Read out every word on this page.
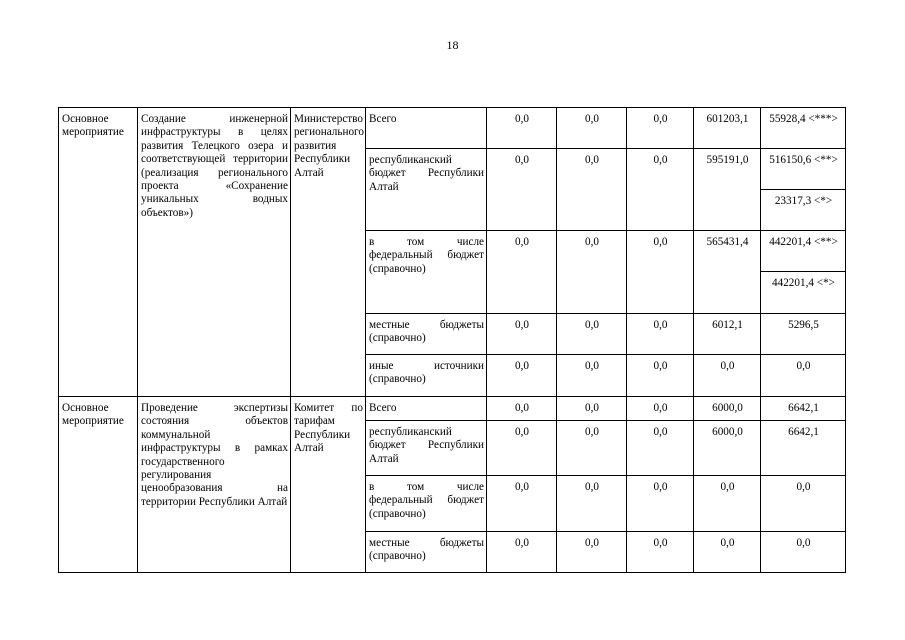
18
Основное мероприятие	Создание инженерной инфраструктуры в целях развития Телецкого озера и соответствующей территории (реализация регионального проекта «Сохранение уникальных водных объектов»)	Министерство регионального развития Республики Алтай	Всего	0,0	0,0	0,0	601203,1	55928,4 <***>
			республиканский бюджет Республики Алтай	0,0	0,0	0,0	595191,0	516150,6 <**>
								23317,3 <*>
			в том числе федеральный бюджет (справочно)	0,0	0,0	0,0	565431,4	442201,4 <**>
								442201,4 <*>
			местные бюджеты (справочно)	0,0	0,0	0,0	6012,1	5296,5
			иные источники (справочно)	0,0	0,0	0,0	0,0	0,0
Основное мероприятие	Проведение экспертизы состояния объектов коммунальной инфраструктуры в рамках государственного регулирования ценообразования на территории Республики Алтай	Комитет по тарифам Республики Алтай	Всего	0,0	0,0	0,0	6000,0	6642,1
			республиканский бюджет Республики Алтай	0,0	0,0	0,0	6000,0	6642,1
			в том числе федеральный бюджет (справочно)	0,0	0,0	0,0	0,0	0,0
			местные бюджеты (справочно)	0,0	0,0	0,0	0,0	0,0
